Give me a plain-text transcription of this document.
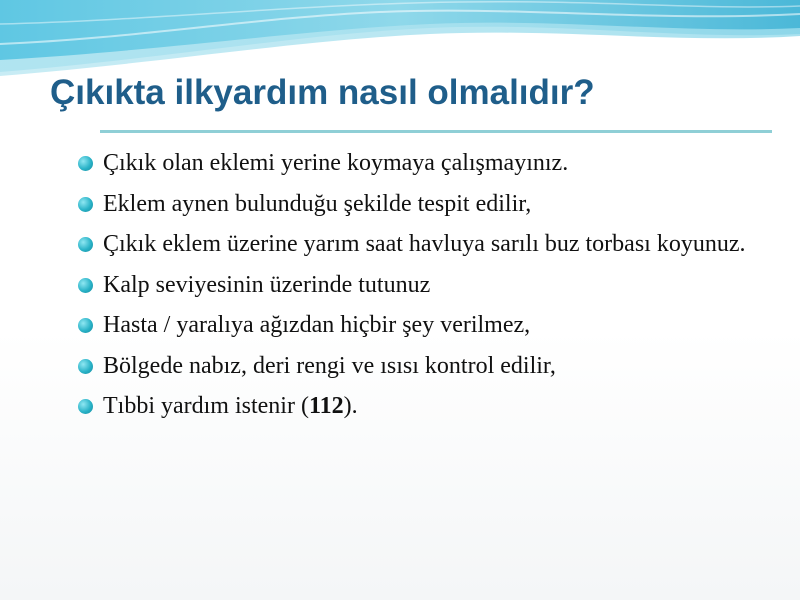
Çıkıkta ilkyardım nasıl olmalıdır?
Çıkık olan eklemi yerine koymaya çalışmayınız.
Eklem aynen bulunduğu şekilde tespit edilir,
Çıkık eklem üzerine yarım saat havluya sarılı buz torbası koyunuz.
Kalp seviyesinin üzerinde tutunuz
Hasta / yaralıya ağızdan hiçbir şey verilmez,
Bölgede nabız, deri rengi ve ısısı kontrol edilir,
Tıbbi yardım istenir (112).
